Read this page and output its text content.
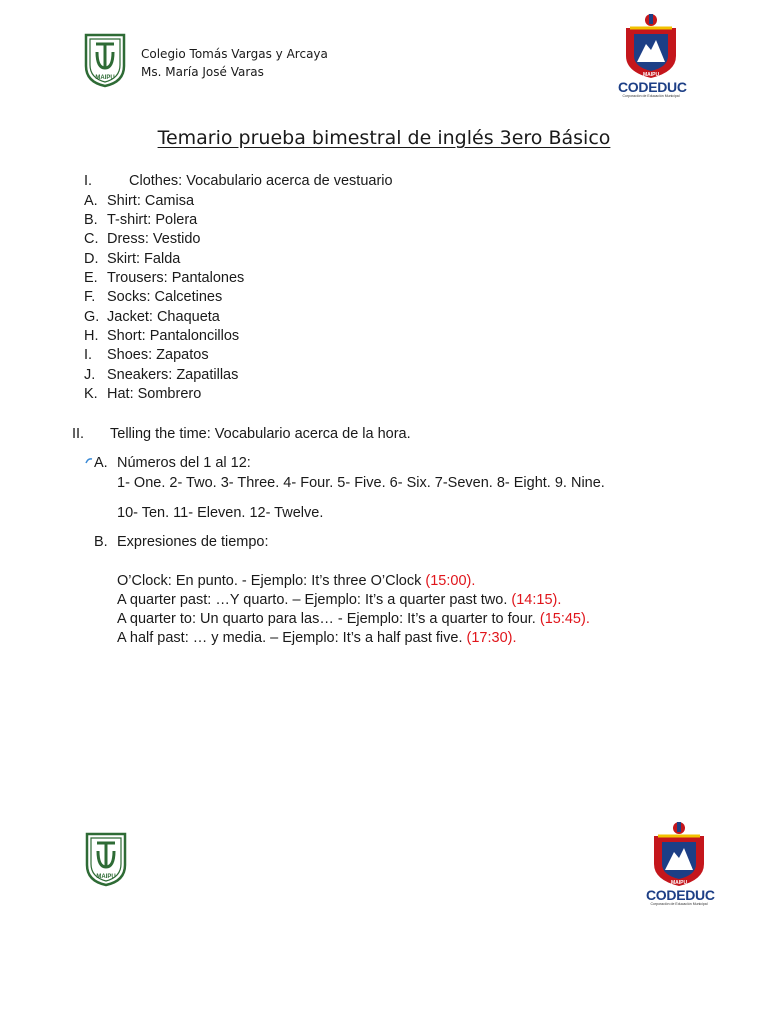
MAIPU
Colegio Tomás Vargas y Arcaya
Ms. María José Varas	MAIPU
CODEDUC
Corporación de Educación Municipal
Temario prueba bimestral de inglés 3ero Básico
I.	Clothes: Vocabulario acerca de vestuario
A. Shirt: Camisa
B. T-shirt: Polera
C. Dress: Vestido
D. Skirt: Falda
E. Trousers: Pantalones
F. Socks: Calcetines
G. Jacket: Chaqueta
H. Short: Pantaloncillos
I. Shoes: Zapatos
J. Sneakers: Zapatillas
K. Hat: Sombrero
II. Telling the time: Vocabulario acerca de la hora.
A. Números del 1 al 12:
1- One. 2- Two. 3- Three. 4- Four. 5- Five. 6- Six. 7-Seven. 8- Eight. 9. Nine.
10- Ten. 11- Eleven. 12- Twelve.
B. Expresiones de tiempo:
O’Clock: En punto. - Ejemplo: It’s three O’Clock (15:00).
A quarter past: …Y quarto. – Ejemplo: It’s a quarter past two. (14:15).
A quarter to: Un quarto para las… - Ejemplo: It’s a quarter to four. (15:45).
A half past: … y media. – Ejemplo: It’s a half past five. (17:30).
MAIPU
MAIPU
CODEDUC
Corporación de Educación Municipal
